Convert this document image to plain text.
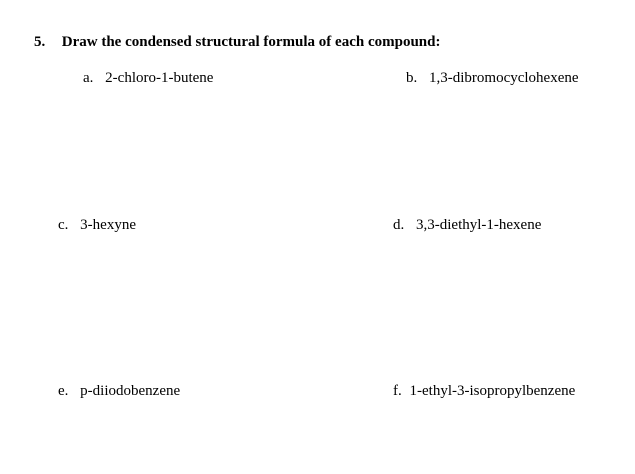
5. Draw the condensed structural formula of each compound:
a. 2-chloro-1-butene	b. 1,3-dibromocyclohexene
c. 3-hexyne	d. 3,3-diethyl-1-hexene
e. p-diiodobenzene	f. 1-ethyl-3-isopropylbenzene
